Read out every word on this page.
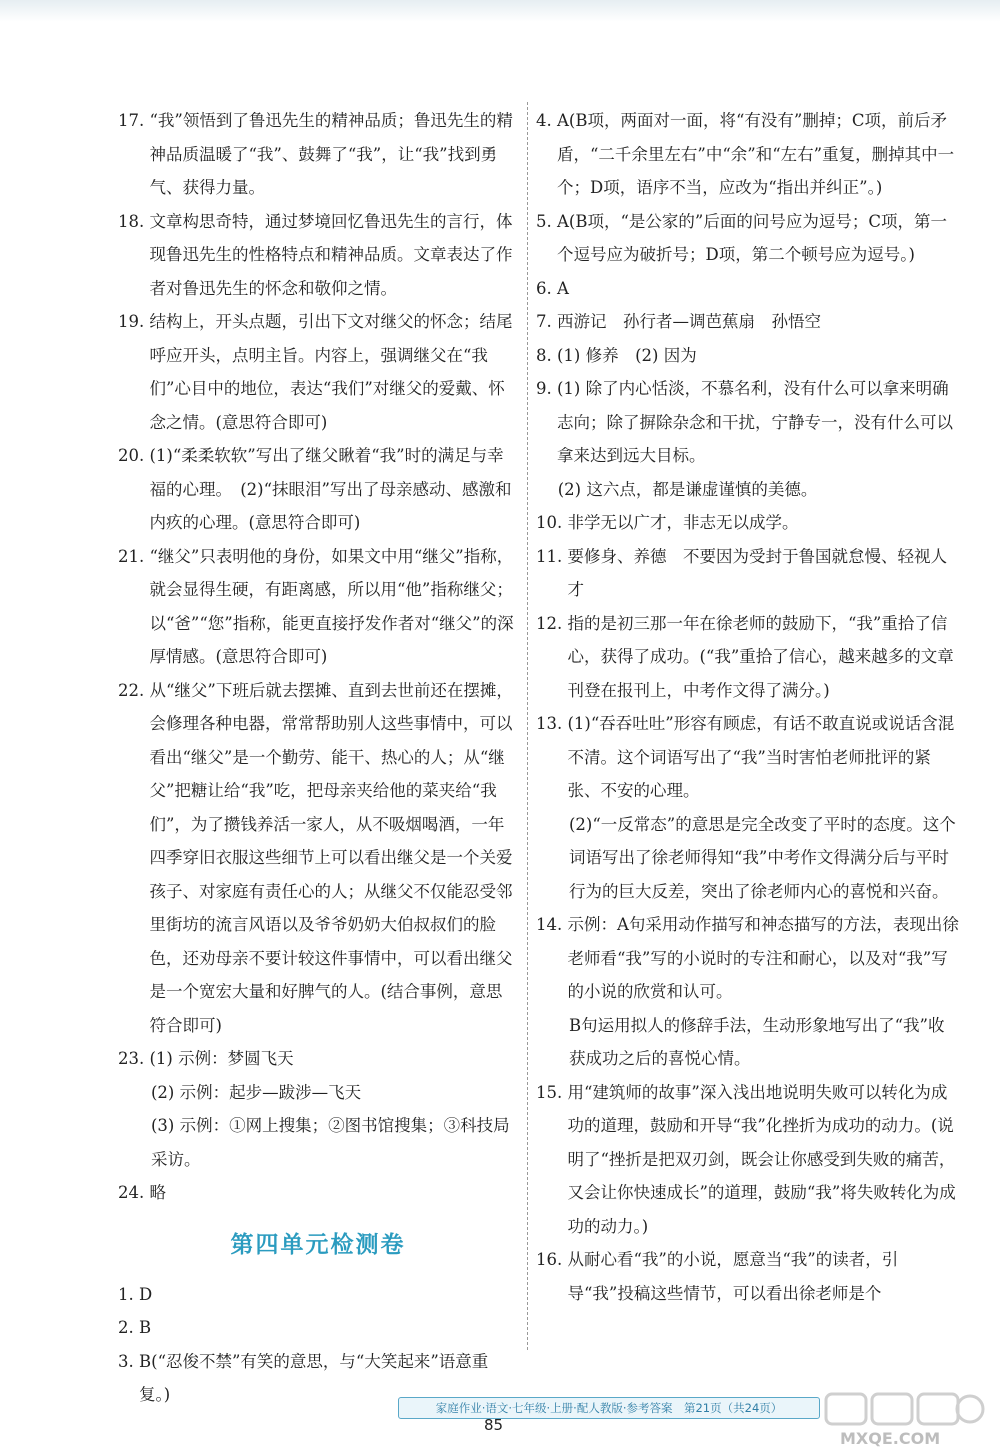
17. “我”领悟到了鲁迅先生的精神品质；鲁迅先生的精神品质温暖了“我”、鼓舞了“我”，让“我”找到勇气、获得力量。
18. 文章构思奇特，通过梦境回忆鲁迅先生的言行，体现鲁迅先生的性格特点和精神品质。文章表达了作者对鲁迅先生的怀念和敬仰之情。
19. 结构上，开头点题，引出下文对继父的怀念；结尾呼应开头，点明主旨。内容上，强调继父在“我们”心目中的地位，表达“我们”对继父的爱戴、怀念之情。(意思符合即可)
20. (1)“柔柔软软”写出了继父瞅着“我”时的满足与幸福的心理。　(2)“抹眼泪”写出了母亲感动、感激和内疚的心理。(意思符合即可)
21. “继父”只表明他的身份，如果文中用“继父”指称，就会显得生硬，有距离感，所以用“他”指称继父；以“爸”“您”指称，能更直接抒发作者对“继父”的深厚情感。(意思符合即可)
22. 从“继父”下班后就去摆摊、直到去世前还在摆摊，会修理各种电器，常常帮助别人这些事情中，可以看出“继父”是一个勤劳、能干、热心的人；从“继父”把糖让给“我”吃，把母亲夹给他的菜夹给“我们”，为了攒钱养活一家人，从不吸烟喝酒，一年四季穿旧衣服这些细节上可以看出继父是一个关爱孩子、对家庭有责任心的人；从继父不仅能忍受邻里街坊的流言风语以及爷爷奶奶大伯叔叔们的脸色，还劝母亲不要计较这件事情中，可以看出继父是一个宽宏大量和好脾气的人。(结合事例，意思符合即可)
23. (1) 示例：梦圆飞天

(2) 示例：起步—跋涉—飞天

(3) 示例：①网上搜集；②图书馆搜集；③科技局采访。
24. 略
第四单元检测卷
1. D
2. B
3. B(“忍俊不禁”有笑的意思，与“大笑起来”语意重复。)
4. A(B项，两面对一面，将“有没有”删掉；C项，前后矛盾，“二千余里左右”中“余”和“左右”重复，删掉其中一个；D项，语序不当，应改为“指出并纠正”。)
5. A(B项，“是公家的”后面的问号应为逗号；C项，第一个逗号应为破折号；D项，第二个顿号应为逗号。)
6. A
7. 西游记　孙行者—调芭蕉扇　孙悟空
8. (1) 修养　(2) 因为
9. (1) 除了内心恬淡，不慕名利，没有什么可以拿来明确志向；除了摒除杂念和干扰，宁静专一，没有什么可以拿来达到远大目标。

(2) 这六点，都是谦虚谨慎的美德。
10. 非学无以广才，非志无以成学。
11. 要修身、养德　不要因为受封于鲁国就怠慢、轻视人才
12. 指的是初三那一年在徐老师的鼓励下，“我”重拾了信心，获得了成功。(“我”重拾了信心，越来越多的文章刊登在报刊上，中考作文得了满分。)
13. (1)“吞吞吐吐”形容有顾虑，有话不敢直说或说话含混不清。这个词语写出了“我”当时害怕老师批评的紧张、不安的心理。

(2)“一反常态”的意思是完全改变了平时的态度。这个词语写出了徐老师得知“我”中考作文得满分后与平时行为的巨大反差，突出了徐老师内心的喜悦和兴奋。
14. 示例：A句采用动作描写和神态描写的方法，表现出徐老师看“我”写的小说时的专注和耐心，以及对“我”写的小说的欣赏和认可。

B句运用拟人的修辞手法，生动形象地写出了“我”收获成功之后的喜悦心情。
15. 用“建筑师的故事”深入浅出地说明失败可以转化为成功的道理，鼓励和开导“我”化挫折为成功的动力。(说明了“挫折是把双刃剑，既会让你感受到失败的痛苦，又会让你快速成长”的道理，鼓励“我”将失败转化为成功的动力。)
16. 从耐心看“我”的小说，愿意当“我”的读者，引导“我”投稿这些情节，可以看出徐老师是个
家庭作业·语文·七年级·上册·配人教版·参考答案　第21页（共24页）
85
MXQE.COM
